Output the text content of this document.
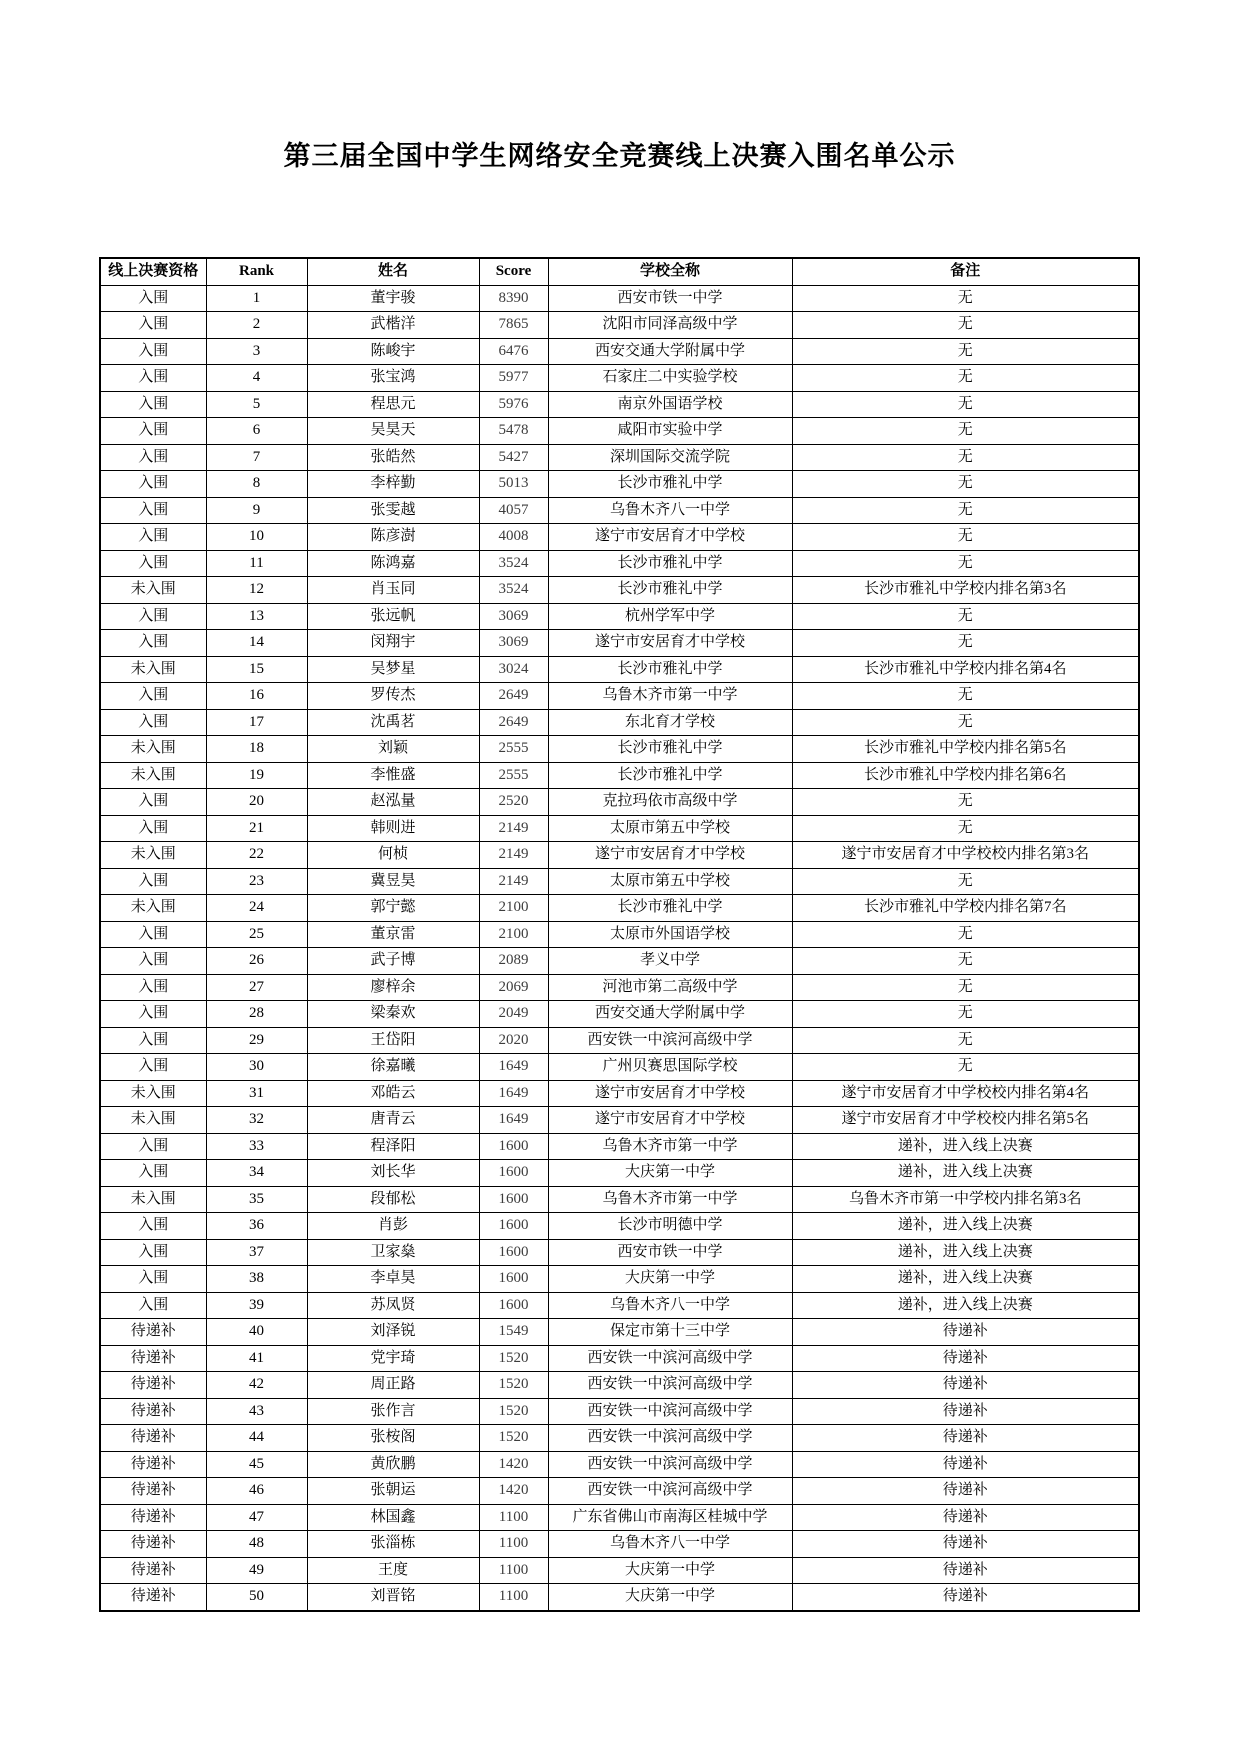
第三届全国中学生网络安全竞赛线上决赛入围名单公示
线上决赛资格	Rank	姓名	Score	学校全称	备注
入围	1	董宇骏	8390	西安市铁一中学	无
入围	2	武楷洋	7865	沈阳市同泽高级中学	无
入围	3	陈峻宇	6476	西安交通大学附属中学	无
入围	4	张宝鸿	5977	石家庄二中实验学校	无
入围	5	程思元	5976	南京外国语学校	无
入围	6	吴昊天	5478	咸阳市实验中学	无
入围	7	张皓然	5427	深圳国际交流学院	无
入围	8	李梓勤	5013	长沙市雅礼中学	无
入围	9	张雯越	4057	乌鲁木齐八一中学	无
入围	10	陈彦澍	4008	遂宁市安居育才中学校	无
入围	11	陈鸿嘉	3524	长沙市雅礼中学	无
未入围	12	肖玉同	3524	长沙市雅礼中学	长沙市雅礼中学校内排名第3名
入围	13	张远帆	3069	杭州学军中学	无
入围	14	闵翔宇	3069	遂宁市安居育才中学校	无
未入围	15	吴梦星	3024	长沙市雅礼中学	长沙市雅礼中学校内排名第4名
入围	16	罗传杰	2649	乌鲁木齐市第一中学	无
入围	17	沈禹茗	2649	东北育才学校	无
未入围	18	刘颖	2555	长沙市雅礼中学	长沙市雅礼中学校内排名第5名
未入围	19	李惟盛	2555	长沙市雅礼中学	长沙市雅礼中学校内排名第6名
入围	20	赵泓量	2520	克拉玛依市高级中学	无
入围	21	韩则进	2149	太原市第五中学校	无
未入围	22	何桢	2149	遂宁市安居育才中学校	遂宁市安居育才中学校校内排名第3名
入围	23	冀昱昊	2149	太原市第五中学校	无
未入围	24	郭宁懿	2100	长沙市雅礼中学	长沙市雅礼中学校内排名第7名
入围	25	董京雷	2100	太原市外国语学校	无
入围	26	武子博	2089	孝义中学	无
入围	27	廖梓余	2069	河池市第二高级中学	无
入围	28	梁秦欢	2049	西安交通大学附属中学	无
入围	29	王岱阳	2020	西安铁一中滨河高级中学	无
入围	30	徐嘉曦	1649	广州贝赛思国际学校	无
未入围	31	邓皓云	1649	遂宁市安居育才中学校	遂宁市安居育才中学校校内排名第4名
未入围	32	唐青云	1649	遂宁市安居育才中学校	遂宁市安居育才中学校校内排名第5名
入围	33	程泽阳	1600	乌鲁木齐市第一中学	递补，进入线上决赛
入围	34	刘长华	1600	大庆第一中学	递补，进入线上决赛
未入围	35	段郁松	1600	乌鲁木齐市第一中学	乌鲁木齐市第一中学校内排名第3名
入围	36	肖彭	1600	长沙市明德中学	递补，进入线上决赛
入围	37	卫家燊	1600	西安市铁一中学	递补，进入线上决赛
入围	38	李卓昊	1600	大庆第一中学	递补，进入线上决赛
入围	39	苏凤贤	1600	乌鲁木齐八一中学	递补，进入线上决赛
待递补	40	刘泽锐	1549	保定市第十三中学	待递补
待递补	41	党宇琦	1520	西安铁一中滨河高级中学	待递补
待递补	42	周正路	1520	西安铁一中滨河高级中学	待递补
待递补	43	张作言	1520	西安铁一中滨河高级中学	待递补
待递补	44	张桉阁	1520	西安铁一中滨河高级中学	待递补
待递补	45	黄欣鹏	1420	西安铁一中滨河高级中学	待递补
待递补	46	张朝运	1420	西安铁一中滨河高级中学	待递补
待递补	47	林国鑫	1100	广东省佛山市南海区桂城中学	待递补
待递补	48	张淄栋	1100	乌鲁木齐八一中学	待递补
待递补	49	王度	1100	大庆第一中学	待递补
待递补	50	刘晋铭	1100	大庆第一中学	待递补
